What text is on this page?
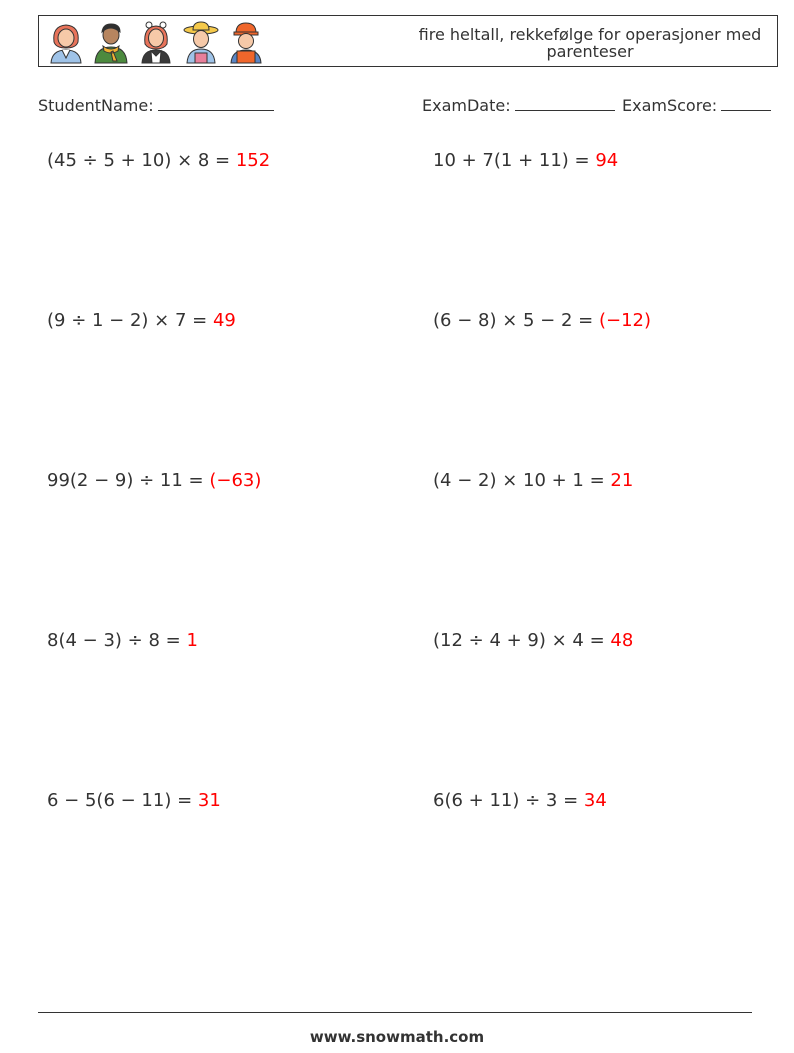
fire heltall, rekkefølge for operasjoner med parenteser
StudentName:	ExamDate:	ExamScore:
(45 ÷ 5 + 10) × 8 = 152	10 + 7(1 + 11) = 94
(9 ÷ 1 − 2) × 7 = 49	(6 − 8) × 5 − 2 = (−12)
99(2 − 9) ÷ 11 = (−63)	(4 − 2) × 10 + 1 = 21
8(4 − 3) ÷ 8 = 1	(12 ÷ 4 + 9) × 4 = 48
6 − 5(6 − 11) = 31	6(6 + 11) ÷ 3 = 34
www.snowmath.com
